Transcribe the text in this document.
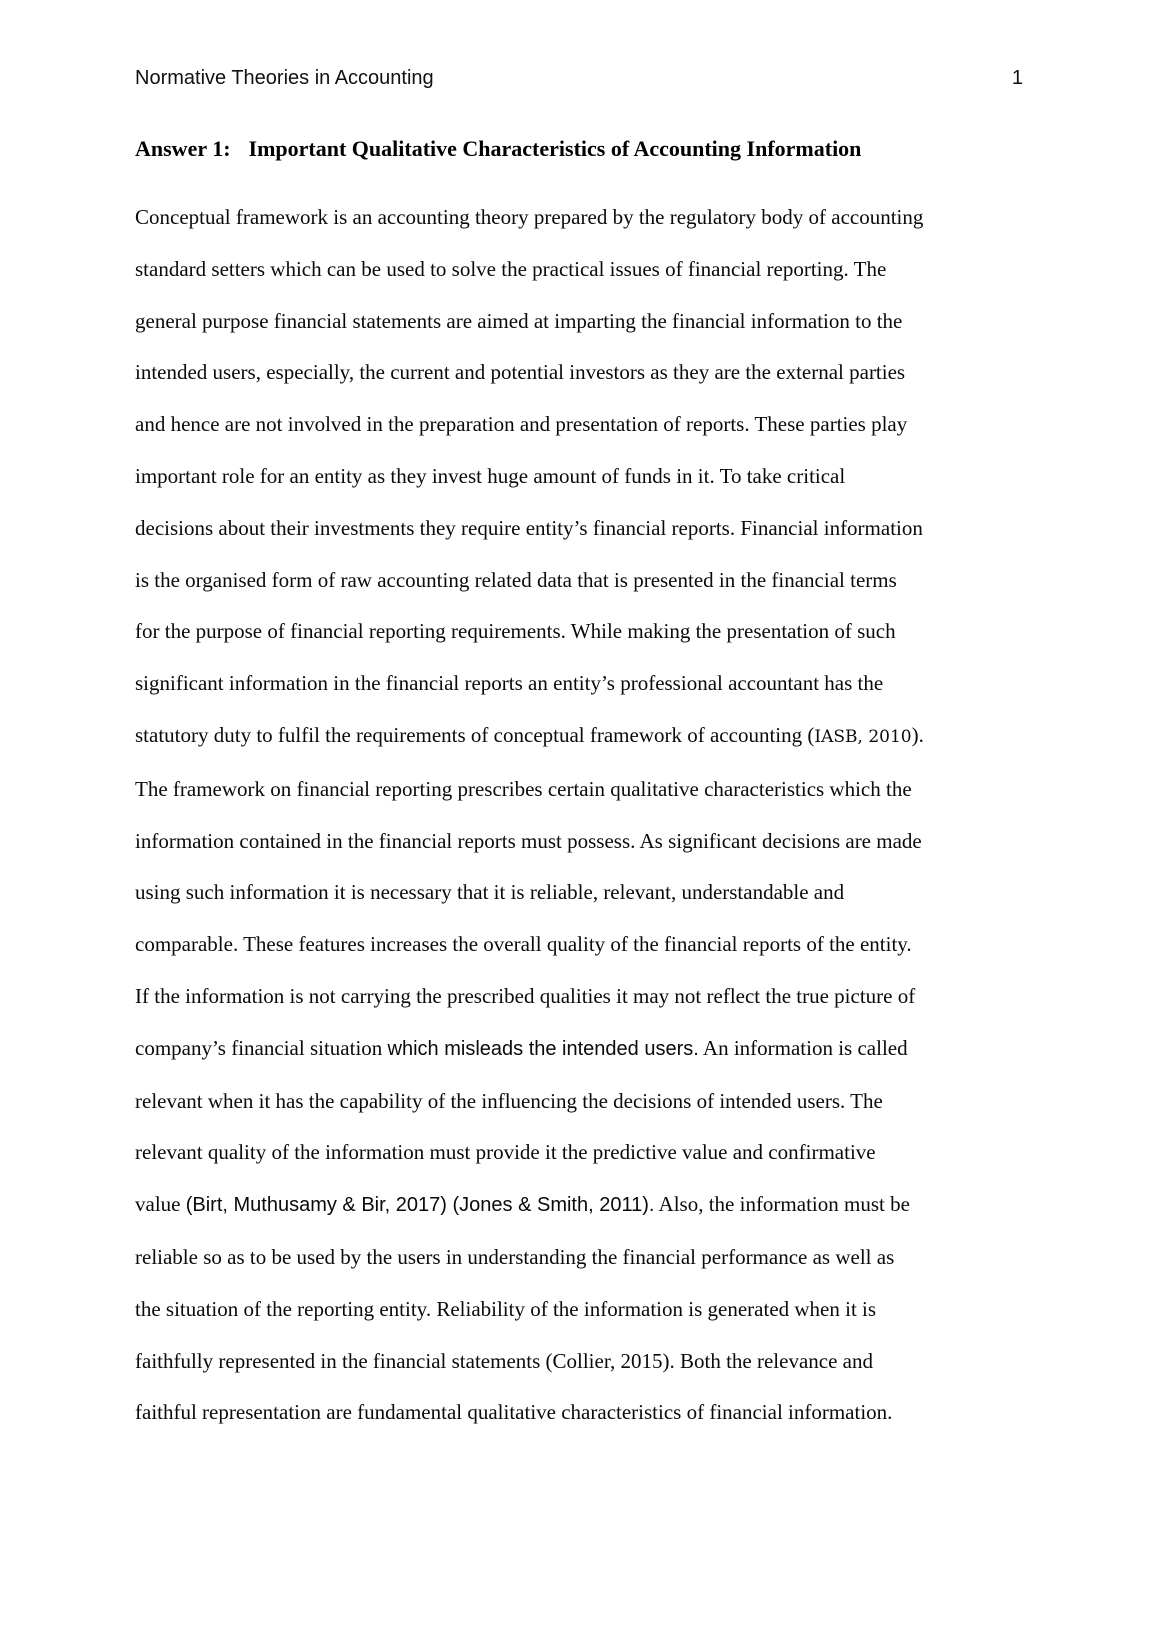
Normative Theories in Accounting	1
Answer 1: Important Qualitative Characteristics of Accounting Information
Conceptual framework is an accounting theory prepared by the regulatory body of accounting
standard setters which can be used to solve the practical issues of financial reporting. The
general purpose financial statements are aimed at imparting the financial information to the
intended users, especially, the current and potential investors as they are the external parties
and hence are not involved in the preparation and presentation of reports. These parties play
important role for an entity as they invest huge amount of funds in it. To take critical
decisions about their investments they require entity’s financial reports. Financial information
is the organised form of raw accounting related data that is presented in the financial terms
for the purpose of financial reporting requirements. While making the presentation of such
significant information in the financial reports an entity’s professional accountant has the
statutory duty to fulfil the requirements of conceptual framework of accounting (IASB, 2010).
The framework on financial reporting prescribes certain qualitative characteristics which the
information contained in the financial reports must possess. As significant decisions are made
using such information it is necessary that it is reliable, relevant, understandable and
comparable. These features increases the overall quality of the financial reports of the entity.
If the information is not carrying the prescribed qualities it may not reflect the true picture of
company’s financial situation which misleads the intended users. An information is called
relevant when it has the capability of the influencing the decisions of intended users. The
relevant quality of the information must provide it the predictive value and confirmative
value (Birt, Muthusamy & Bir, 2017) (Jones & Smith, 2011). Also, the information must be
reliable so as to be used by the users in understanding the financial performance as well as
the situation of the reporting entity. Reliability of the information is generated when it is
faithfully represented in the financial statements (Collier, 2015). Both the relevance and
faithful representation are fundamental qualitative characteristics of financial information.
